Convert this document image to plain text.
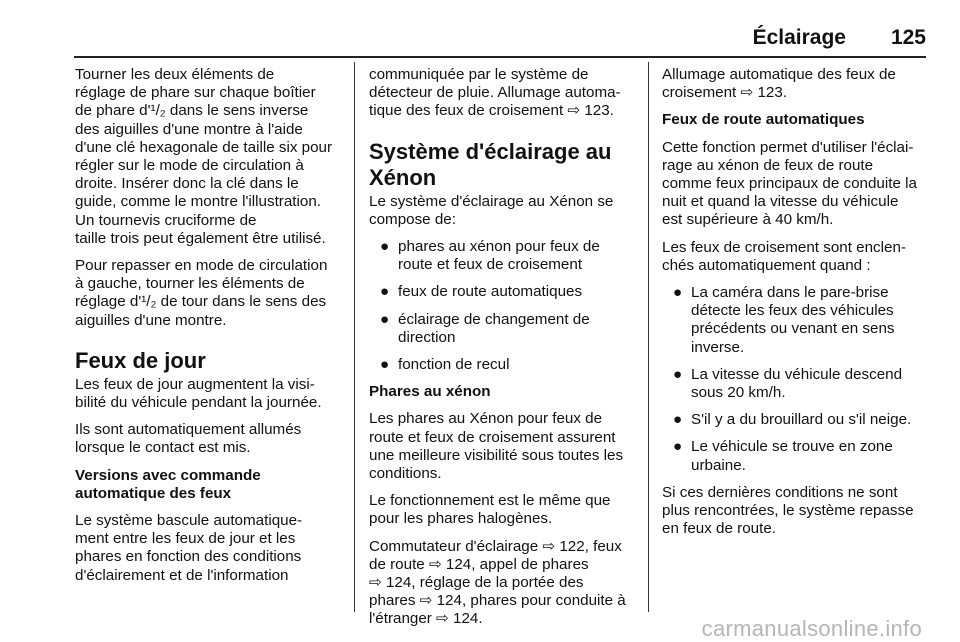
Éclairage 125

Tourner les deux éléments de
réglage de phare sur chaque boîtier
de phare d'¹/₂ dans le sens inverse
des aiguilles d'une montre à l'aide
d'une clé hexagonale de taille six pour
régler sur le mode de circulation à
droite. Insérer donc la clé dans le
guide, comme le montre l'illustration.
Un tournevis cruciforme de
taille trois peut également être utilisé.

Pour repasser en mode de circulation
à gauche, tourner les éléments de
réglage d'¹/₂ de tour dans le sens des
aiguilles d'une montre.

Feux de jour

Les feux de jour augmentent la visi-
bilité du véhicule pendant la journée.

Ils sont automatiquement allumés
lorsque le contact est mis.

Versions avec commande
automatique des feux

Le système bascule automatique-
ment entre les feux de jour et les
phares en fonction des conditions
d'éclairement et de l'information

communiquée par le système de
détecteur de pluie. Allumage automa-
tique des feux de croisement ⇨ 123.

Système d'éclairage au
Xénon

Le système d'éclairage au Xénon se
compose de:

● phares au xénon pour feux de
route et feux de croisement
● feux de route automatiques
● éclairage de changement de
direction
● fonction de recul
Phares au xénon

Les phares au Xénon pour feux de
route et feux de croisement assurent
une meilleure visibilité sous toutes les
conditions.

Le fonctionnement est le même que
pour les phares halogènes.

Commutateur d'éclairage ⇨ 122, feux
de route ⇨ 124, appel de phares
⇨ 124, réglage de la portée des
phares ⇨ 124, phares pour conduite à
l'étranger ⇨ 124.

Allumage automatique des feux de
croisement ⇨ 123.

Feux de route automatiques

Cette fonction permet d'utiliser l'éclai-
rage au xénon de feux de route
comme feux principaux de conduite la
nuit et quand la vitesse du véhicule
est supérieure à 40 km/h.

Les feux de croisement sont enclen-
chés automatiquement quand :

● La caméra dans le pare-brise
détecte les feux des véhicules
précédents ou venant en sens
inverse.
● La vitesse du véhicule descend
sous 20 km/h.
● S'il y a du brouillard ou s'il neige.
● Le véhicule se trouve en zone
urbaine.

Si ces dernières conditions ne sont
plus rencontrées, le système repasse
en feux de route.

carmanualsonline.info
